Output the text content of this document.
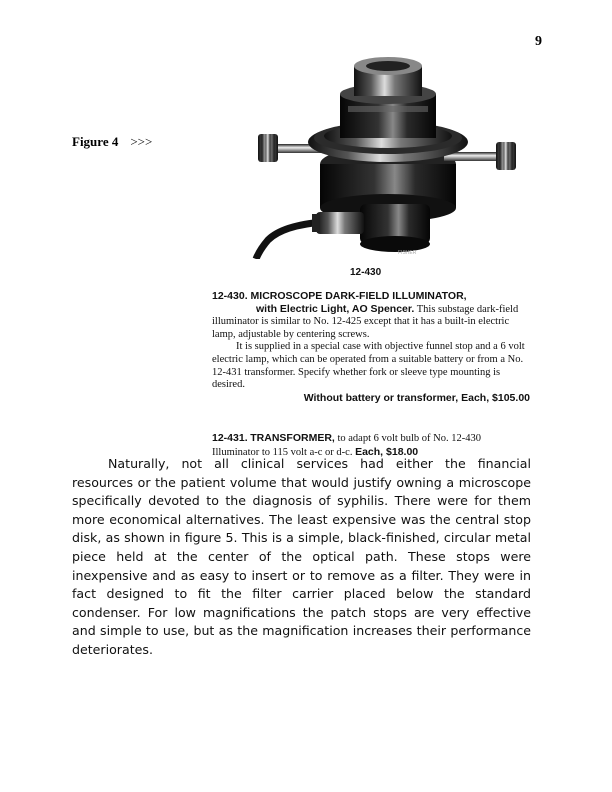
9
Figure 4 >>>
FISHER
12-430
12-430. MICROSCOPE DARK-FIELD ILLUMINATOR,
with Electric Light, AO Spencer. This substage dark-field illuminator is similar to No. 12-425 except that it has a built-in electric lamp, adjustable by centering screws.
It is supplied in a special case with objective funnel stop and a 6 volt electric lamp, which can be operated from a suitable battery or from a No. 12-431 transformer. Specify whether fork or sleeve type mounting is desired.
Without battery or transformer, Each, $105.00
12-431. TRANSFORMER, to adapt 6 volt bulb of No. 12-430 Illuminator to 115 volt a-c or d-c. Each, $18.00

Naturally, not all clinical services had either the financial resources or the patient volume that would justify owning a microscope specifically devoted to the diagnosis of syphilis. There were for them more economical alternatives. The least expensive was the central stop disk, as shown in figure 5. This is a simple, black-finished, circular metal piece held at the center of the optical path. These stops were inexpensive and as easy to insert or to remove as a filter. They were in fact designed to fit the filter carrier placed below the standard condenser. For low magnifications the patch stops are very effective and simple to use, but as the magnification increases their performance deteriorates.
